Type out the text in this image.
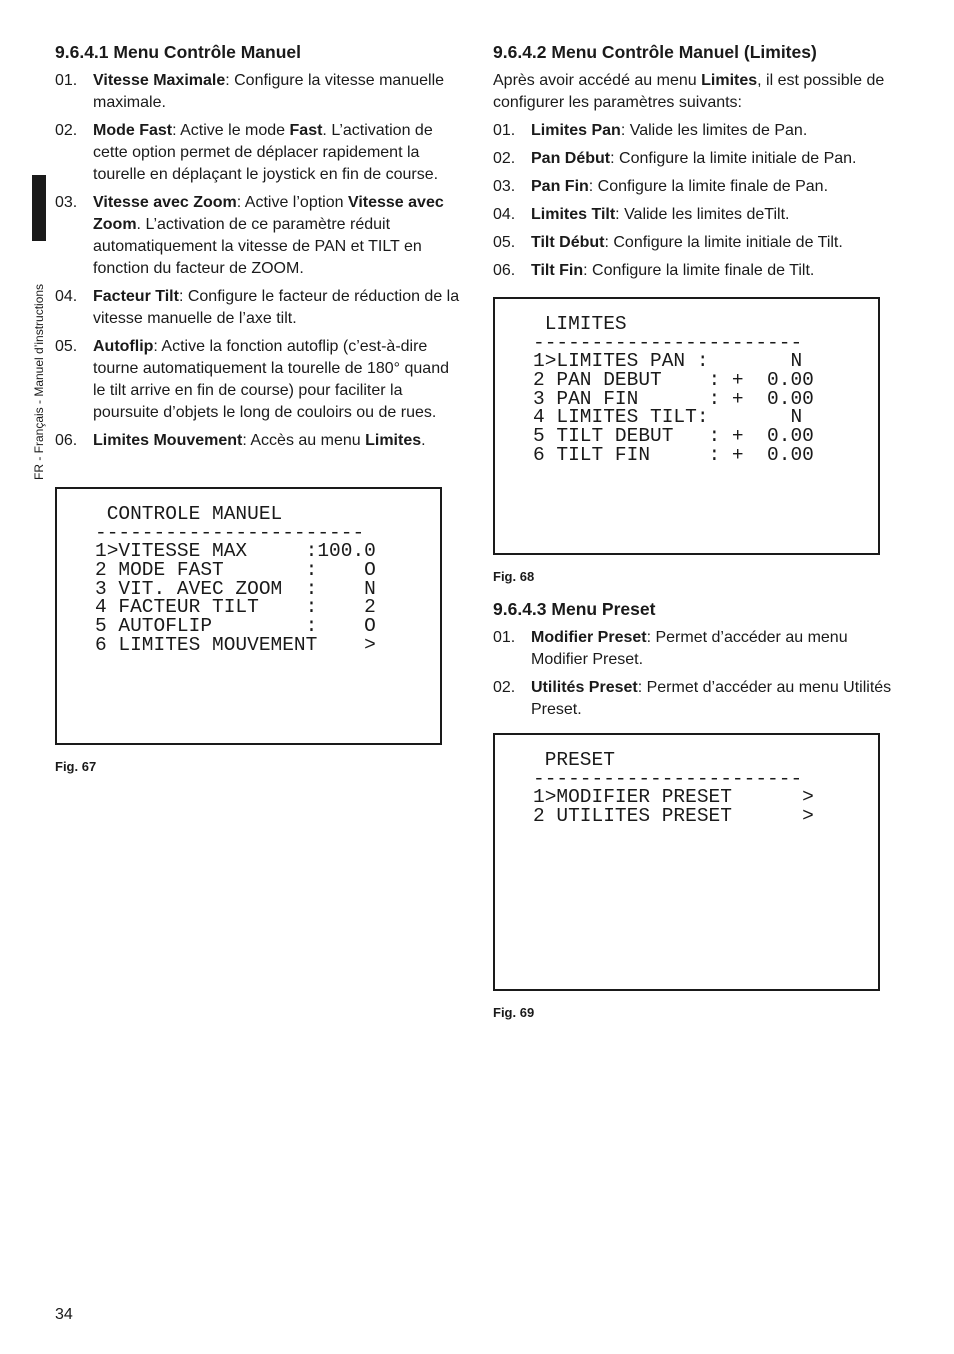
FR - Français - Manuel d’instructions
9.6.4.1 Menu Contrôle Manuel
01. Vitesse Maximale: Configure la vitesse manuelle maximale.
02. Mode Fast: Active le mode Fast. L’activation de cette option permet de déplacer rapidement la tourelle en déplaçant le joystick en fin de course.
03. Vitesse avec Zoom: Active l’option Vitesse avec Zoom. L’activation de ce paramètre réduit automatiquement la vitesse de PAN et TILT en fonction du facteur de ZOOM.
04. Facteur Tilt: Configure le facteur de réduction de la vitesse manuelle de l’axe tilt.
05. Autoflip: Active la fonction autoflip (c’est-à-dire tourne automatiquement la tourelle de 180° quand le tilt arrive en fin de course) pour faciliter la poursuite d’objets le long de couloirs ou de rues.
06. Limites Mouvement: Accès au menu Limites.
CONTROLE MANUEL
-----------------------
1>VITESSE MAX     :100.0
2 MODE FAST       :    O
3 VIT. AVEC ZOOM  :    N
4 FACTEUR TILT    :    2
5 AUTOFLIP        :    O
6 LIMITES MOUVEMENT    >
Fig. 67
9.6.4.2 Menu Contrôle Manuel (Limites)
Après avoir accédé au menu Limites, il est possible de configurer les paramètres suivants:
01. Limites Pan: Valide les limites de Pan.
02. Pan Début: Configure la limite initiale de Pan.
03. Pan Fin: Configure la limite finale de Pan.
04. Limites Tilt: Valide les limites deTilt.
05. Tilt Début: Configure la limite initiale de Tilt.
06. Tilt Fin: Configure la limite finale de Tilt.
LIMITES
-----------------------
1>LIMITES PAN :       N
2 PAN DEBUT    : +  0.00
3 PAN FIN      : +  0.00
4 LIMITES TILT:       N
5 TILT DEBUT   : +  0.00
6 TILT FIN     : +  0.00
Fig. 68
9.6.4.3 Menu Preset
01. Modifier Preset: Permet d’accéder au menu Modifier Preset.
02. Utilités Preset: Permet d’accéder au menu Utilités Preset.
PRESET
-----------------------
1>MODIFIER PRESET      >
2 UTILITES PRESET      >
Fig. 69
34
